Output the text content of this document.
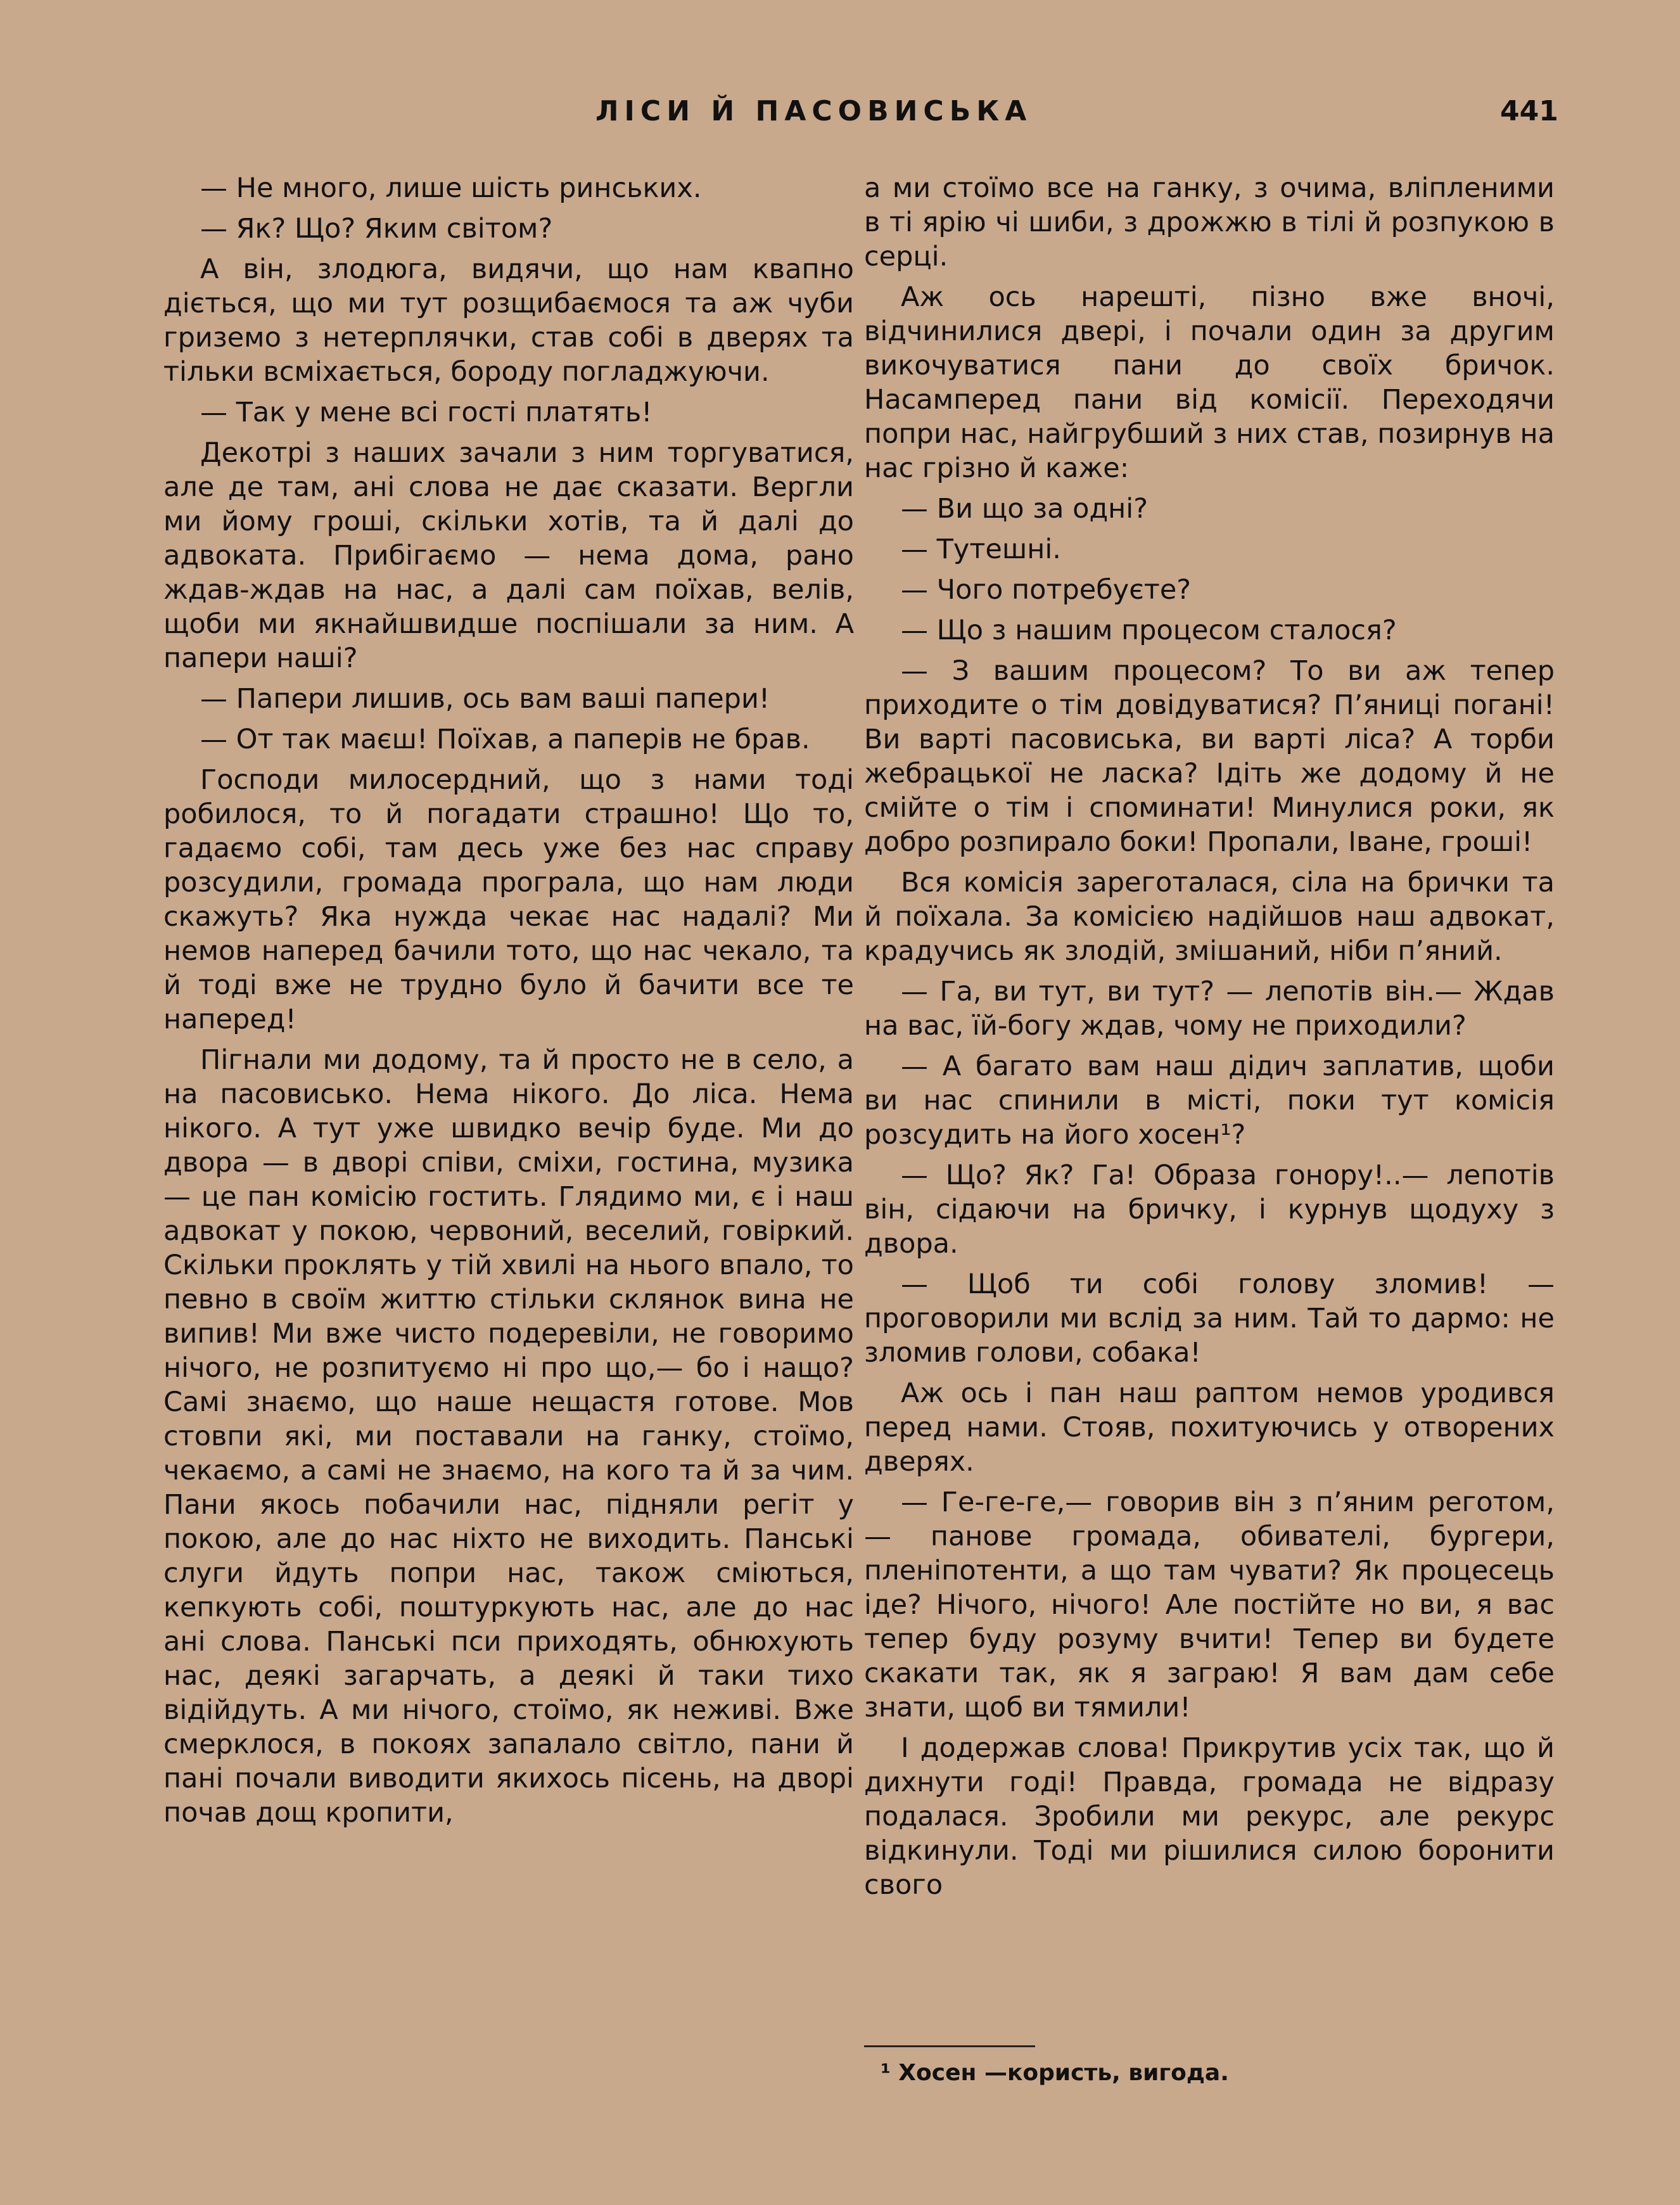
ЛІСИ Й ПАСОВИСЬКА	441

— Не много, лише шість ринських.

— Як? Що? Яким світом?

А він, злодюга, видячи, що нам квапно діється, що ми тут розщибаємося та аж чуби гриземо з нетерплячки, став собі в дверях та тільки всміхається, бороду погладжуючи.

— Так у мене всі гості платять!

Декотрі з наших зачали з ним торгуватися, але де там, ані слова не дає сказати. Вергли ми йому гроші, скільки хотів, та й далі до адвоката. Прибігаємо — нема дома, рано ждав-ждав на нас, а далі сам поїхав, велів, щоби ми якнайшвидше поспішали за ним. А папери наші?

— Папери лишив, ось вам ваші папери!

— От так маєш! Поїхав, а паперів не брав.

Господи милосердний, що з нами тоді робилося, то й погадати страшно! Що то, гадаємо собі, там десь уже без нас справу розсудили, громада програла, що нам люди скажуть? Яка нужда чекає нас надалі? Ми немов наперед бачили тото, що нас чекало, та й тоді вже не трудно було й бачити все те наперед!

Пігнали ми додому, та й просто не в село, а на пасовисько. Нема нікого. До ліса. Нема нікого. А тут уже швидко вечір буде. Ми до двора — в дворі співи, сміхи, гостина, музика — це пан комісію гостить. Глядимо ми, є і наш адвокат у покою, червоний, веселий, говіркий. Скільки проклять у тій хвилі на нього впало, то певно в своїм життю стільки склянок вина не випив! Ми вже чисто подеревіли, не говоримо нічого, не розпитуємо ні про що,— бо і нащо? Самі знаємо, що наше нещастя готове. Мов стовпи які, ми поставали на ганку, стоїмо, чекаємо, а самі не знаємо, на кого та й за чим. Пани якось побачили нас, підняли регіт у покою, але до нас ніхто не виходить. Панські слуги йдуть попри нас, також сміються, кепкують собі, поштуркують нас, але до нас ані слова. Панські пси приходять, обнюхують нас, деякі загарчать, а деякі й таки тихо відійдуть. А ми нічого, стоїмо, як неживі. Вже смерклося, в покоях запалало світло, пани й пані почали виводити якихось пісень, на дворі почав дощ кропити,

а ми стоїмо все на ганку, з очима, вліпленими в ті ярію чі шиби, з дрожжю в тілі й розпукою в серці.

Аж ось нарешті, пізно вже вночі, відчинилися двері, і почали один за другим викочуватися пани до своїх бричок. Насамперед пани від комісії. Переходячи попри нас, найгрубший з них став, позирнув на нас грізно й каже:

— Ви що за одні?

— Тутешні.

— Чого потребуєте?

— Що з нашим процесом сталося?

— З вашим процесом? То ви аж тепер приходите о тім довідуватися? П’яниці погані! Ви варті пасовиська, ви варті ліса? А торби жебрацької не ласка? Ідіть же додому й не смійте о тім і споминати! Минулися роки, як добро розпирало боки! Пропали, Іване, гроші!

Вся комісія зареготалася, сіла на брички та й поїхала. За комісією надійшов наш адвокат, крадучись як злодій, змішаний, ніби п’яний.

— Га, ви тут, ви тут? — лепотів він.— Ждав на вас, їй-богу ждав, чому не приходили?

— А багато вам наш дідич заплатив, щоби ви нас спинили в місті, поки тут комісія розсудить на його хосен¹?

— Що? Як? Га! Образа гонору!..— лепотів він, сідаючи на бричку, і курнув щодуху з двора.

— Щоб ти собі голову зломив! — проговорили ми вслід за ним. Тай то дармо: не зломив голови, собака!

Аж ось і пан наш раптом немов уродився перед нами. Стояв, похитуючись у отворених дверях.

— Ге-ге-ге,— говорив він з п’яним реготом,— панове громада, обивателі, бургери, пленіпотенти, а що там чувати? Як процесець іде? Нічого, нічого! Але постійте но ви, я вас тепер буду розуму вчити! Тепер ви будете скакати так, як я заграю! Я вам дам себе знати, щоб ви тямили!

І додержав слова! Прикрутив усіх так, що й дихнути годі! Правда, громада не відразу подалася. Зробили ми рекурс, але рекурс відкинули. Тоді ми рішилися силою боронити свого

¹ Хосен —користь, вигода.
